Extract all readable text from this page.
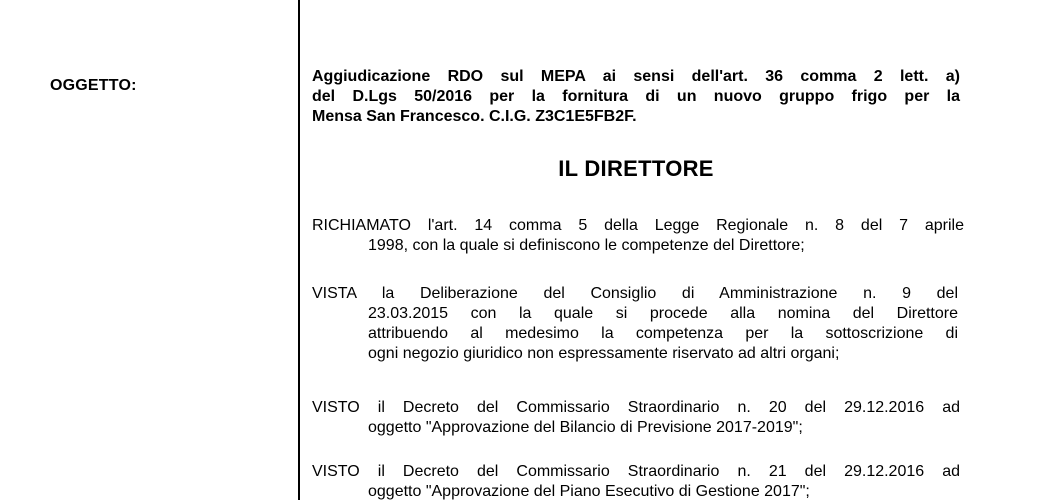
OGGETTO:
Aggiudicazione RDO sul MEPA ai sensi dell'art. 36 comma 2 lett. a)
del D.Lgs 50/2016 per la fornitura di un nuovo gruppo frigo per la
Mensa San Francesco. C.I.G. Z3C1E5FB2F.
IL DIRETTORE
RICHIAMATO l'art. 14 comma 5 della Legge Regionale n. 8 del 7 aprile
1998, con la quale si definiscono le competenze del Direttore;
VISTA la Deliberazione del Consiglio di Amministrazione n. 9 del
23.03.2015 con la quale si procede alla nomina del Direttore
attribuendo al medesimo la competenza per la sottoscrizione di
ogni negozio giuridico non espressamente riservato ad altri organi;
VISTO il Decreto del Commissario Straordinario n. 20 del 29.12.2016 ad
oggetto "Approvazione del Bilancio di Previsione 2017-2019";
VISTO il Decreto del Commissario Straordinario n. 21 del 29.12.2016 ad
oggetto "Approvazione del Piano Esecutivo di Gestione 2017";
